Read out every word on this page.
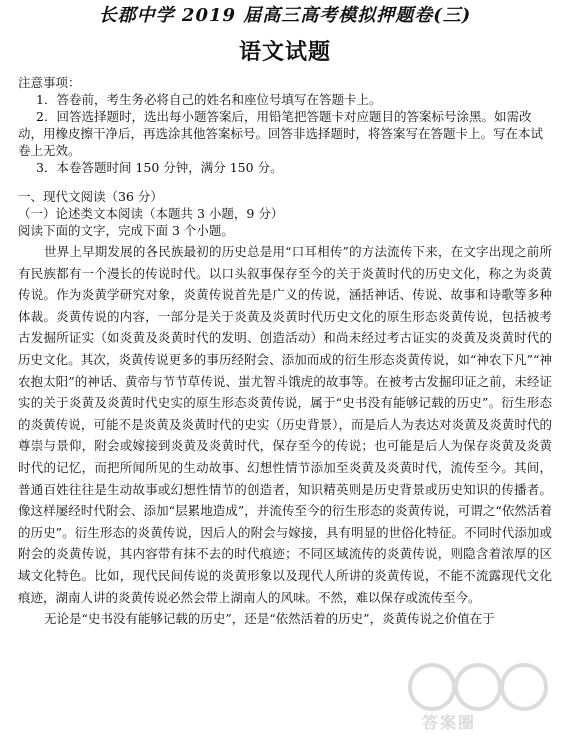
长郡中学 2019 届高三高考模拟押题卷(三)
语文试题

注意事项：

1．答卷前，考生务必将自己的姓名和座位号填写在答题卡上。

2．回答选择题时，选出每小题答案后，用铅笔把答题卡对应题目的答案标号涂黑。如需改动，用橡皮擦干净后，再选涂其他答案标号。回答非选择题时，将答案写在答题卡上。写在本试卷上无效。

3．本卷答题时间 150 分钟，满分 150 分。

一、现代文阅读（36 分）

（一）论述类文本阅读（本题共 3 小题，9 分）

阅读下面的文字，完成下面 3 个小题。

世界上早期发展的各民族最初的历史总是用“口耳相传”的方法流传下来，在文字出现之前所有民族都有一个漫长的传说时代。以口头叙事保存至今的关于炎黄时代的历史文化，称之为炎黄传说。作为炎黄学研究对象，炎黄传说首先是广义的传说，涵括神话、传说、故事和诗歌等多种体裁。炎黄传说的内容，一部分是关于炎黄及炎黄时代历史文化的原生形态炎黄传说，包括被考古发掘所证实（如炎黄及炎黄时代的发明、创造活动）和尚未经过考古证实的炎黄及炎黄时代的历史文化。其次，炎黄传说更多的事历经附会、添加而成的衍生形态炎黄传说，如“神农下凡”“神农抱太阳”的神话、黄帝与节节草传说、蚩尤智斗饿虎的故事等。在被考古发掘印证之前，未经证实的关于炎黄及炎黄时代史实的原生形态炎黄传说，属于“史书没有能够记载的历史”。衍生形态的炎黄传说，可能不是炎黄及炎黄时代的史实（历史背景），而是后人为表达对炎黄及炎黄时代的尊崇与景仰，附会或嫁接到炎黄及炎黄时代，保存至今的传说；也可能是后人为保存炎黄及炎黄时代的记忆，而把所闻所见的生动故事、幻想性情节添加至炎黄及炎黄时代，流传至今。其间，普通百姓往往是生动故事或幻想性情节的创造者，知识精英则是历史背景或历史知识的传播者。像这样屡经时代附会、添加“层累地造成”，并流传至今的衍生形态的炎黄传说，可谓之“依然活着的历史”。衍生形态的炎黄传说，因后人的附会与嫁接，具有明显的世俗化特征。不同时代添加或附会的炎黄传说，其内容带有抹不去的时代痕迹；不同区域流传的炎黄传说，则隐含着浓厚的区域文化特色。比如，现代民间传说的炎黄形象以及现代人所讲的炎黄传说，不能不流露现代文化痕迹，湖南人讲的炎黄传说必然会带上湖南人的风味。不然，难以保存或流传至今。

无论是“史书没有能够记载的历史”，还是“依然活着的历史”，炎黄传说之价值在于

答案圈
